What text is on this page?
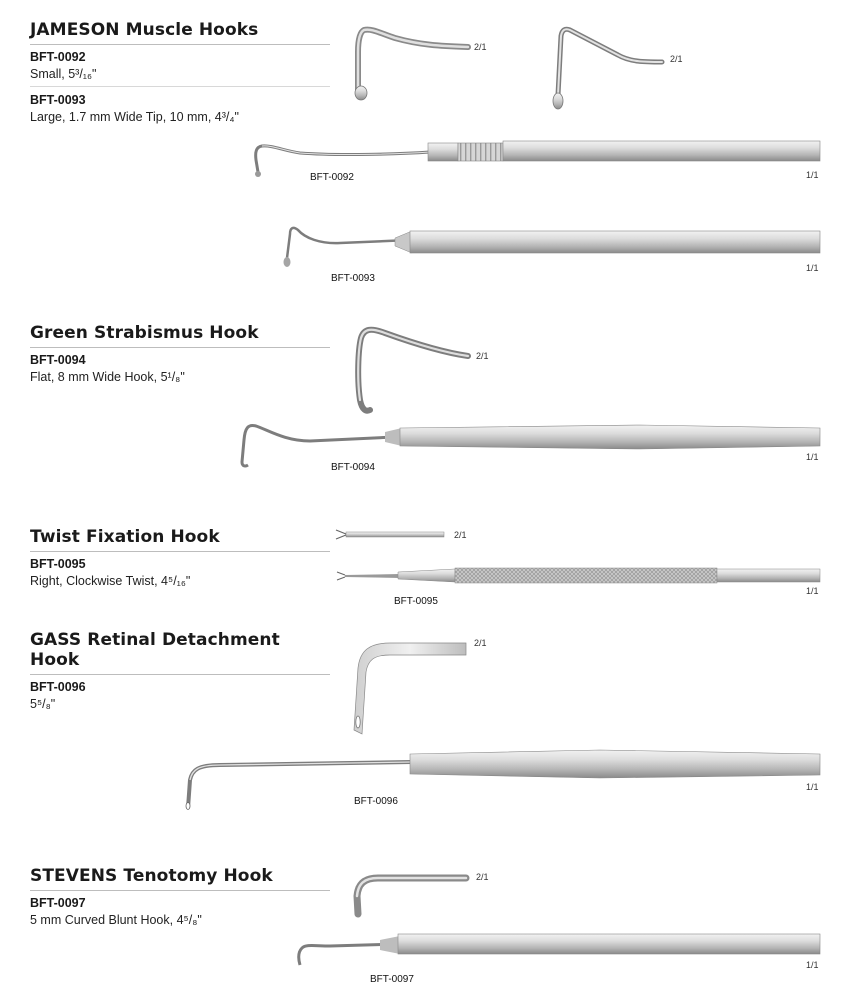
JAMESON Muscle Hooks
BFT-0092
Small, 5³/₁₆"
BFT-0093
Large, 1.7 mm Wide Tip, 10 mm, 4³/₄"
Green Strabismus Hook
BFT-0094
Flat, 8 mm Wide Hook, 5¹/₈"
Twist Fixation Hook
BFT-0095
Right, Clockwise Twist, 4⁵/₁₆"
GASS Retinal Detachment Hook
BFT-0096
5⁵/₈"
STEVENS Tenotomy Hook
BFT-0097
5 mm Curved Blunt Hook, 4⁵/₈"
BFT-0092
BFT-0093
BFT-0094
BFT-0095
BFT-0096
BFT-0097
2/1
2/1
1/1
1/1
2/1
1/1
2/1
1/1
2/1
1/1
2/1
1/1
